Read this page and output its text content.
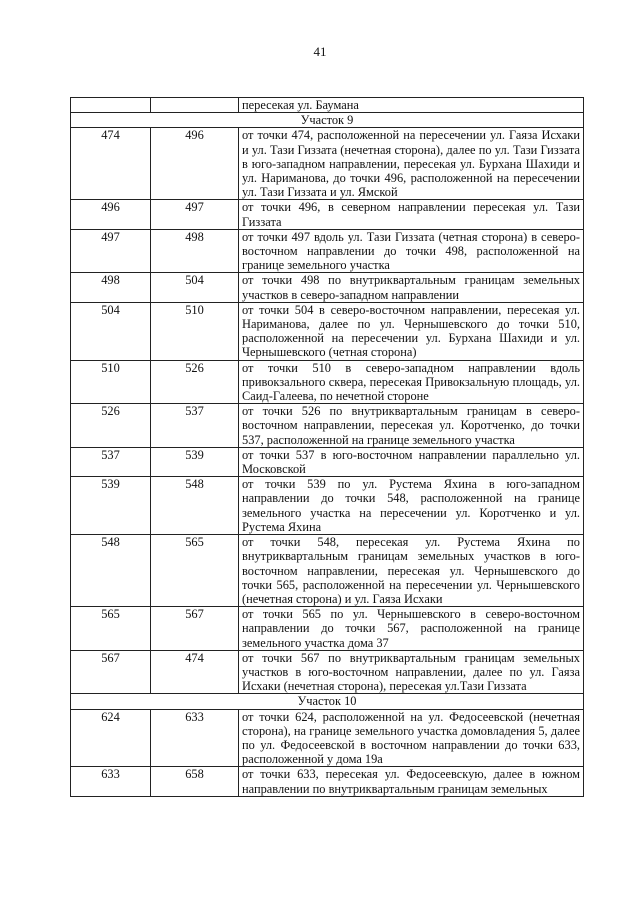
41
		пересекая ул. Баумана
Участок 9		
474	496	от точки 474, расположенной на пересечении ул. Гаяза Исхаки и ул. Тази Гиззата (нечетная сторона), далее по ул. Тази Гиззата в юго-западном направлении, пересекая ул. Бурхана Шахиди и ул. Нариманова, до точки 496, расположенной на пересечении ул. Тази Гиззата и ул. Ямской
496	497	от точки 496, в северном направлении пересекая ул. Тази Гиззата
497	498	от точки 497 вдоль ул. Тази Гиззата (четная сторона) в северо-восточном направлении до точки 498, расположенной на границе земельного участка
498	504	от точки 498 по внутриквартальным границам земельных участков в северо-западном направлении
504	510	от точки 504 в северо-восточном направлении, пересекая ул. Нариманова, далее по ул. Чернышевского до точки 510, расположенной на пересечении ул. Бурхана Шахиди и ул. Чернышевского (четная сторона)
510	526	от точки 510 в северо-западном направлении вдоль привокзального сквера, пересекая Привокзальную площадь, ул. Саид-Галеева, по нечетной стороне
526	537	от точки 526 по внутриквартальным границам в северо-восточном направлении, пересекая ул. Коротченко, до точки 537, расположенной на границе земельного участка
537	539	от точки 537 в юго-восточном направлении параллельно ул. Московской
539	548	от точки 539 по ул. Рустема Яхина в юго-западном направлении до точки 548, расположенной на границе земельного участка на пересечении ул. Коротченко и ул. Рустема Яхина
548	565	от точки 548, пересекая ул. Рустема Яхина по внутриквартальным границам земельных участков в юго-восточном направлении, пересекая ул. Чернышевского до точки 565, расположенной на пересечении ул. Чернышевского (нечетная сторона) и ул. Гаяза Исхаки
565	567	от точки 565 по ул. Чернышевского в северо-восточном направлении до точки 567, расположенной на границе земельного участка дома 37
567	474	от точки 567 по внутриквартальным границам земельных участков в юго-восточном направлении, далее по ул. Гаяза Исхаки (нечетная сторона), пересекая ул.Тази Гиззата
Участок 10		
624	633	от точки 624, расположенной на ул. Федосеевской (нечетная сторона), на границе земельного участка домовладения 5, далее по ул. Федосеевской в восточном направлении до точки 633, расположенной у дома 19а
633	658	от точки 633, пересекая ул. Федосеевскую, далее в южном направлении по внутриквартальным границам земельных
